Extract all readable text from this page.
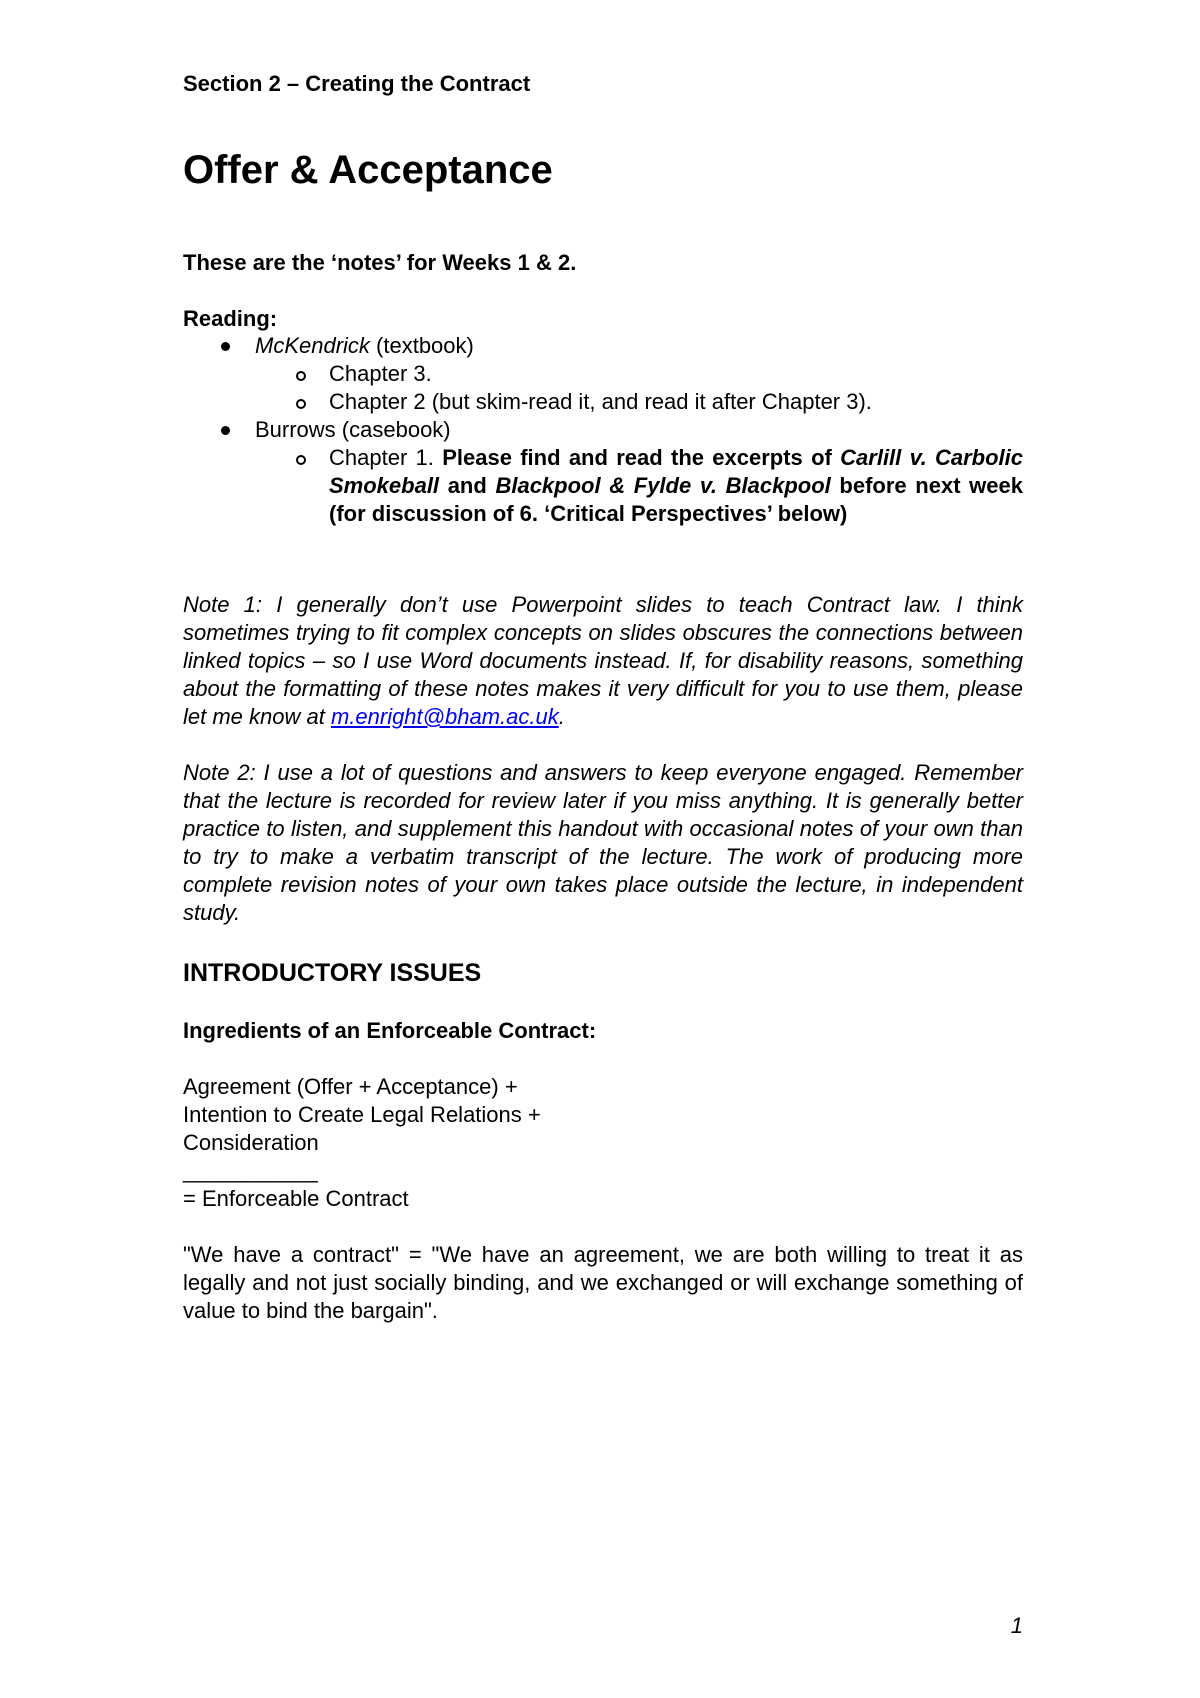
Section 2 – Creating the Contract
Offer & Acceptance
These are the ‘notes’ for Weeks 1 & 2.
Reading:
McKendrick (textbook)
Chapter 3.
Chapter 2 (but skim-read it, and read it after Chapter 3).
Burrows (casebook)
Chapter 1. Please find and read the excerpts of Carlill v. Carbolic Smokeball and Blackpool & Fylde v. Blackpool before next week (for discussion of 6. ‘Critical Perspectives’ below)
Note 1: I generally don’t use Powerpoint slides to teach Contract law. I think sometimes trying to fit complex concepts on slides obscures the connections between linked topics – so I use Word documents instead. If, for disability reasons, something about the formatting of these notes makes it very difficult for you to use them, please let me know at m.enright@bham.ac.uk.
Note 2: I use a lot of questions and answers to keep everyone engaged. Remember that the lecture is recorded for review later if you miss anything. It is generally better practice to listen, and supplement this handout with occasional notes of your own than to try to make a verbatim transcript of the lecture. The work of producing more complete revision notes of your own takes place outside the lecture, in independent study.
INTRODUCTORY ISSUES
Ingredients of an Enforceable Contract:
Agreement (Offer + Acceptance) +
Intention to Create Legal Relations +
Consideration
___________
= Enforceable Contract
"We have a contract" = "We have an agreement, we are both willing to treat it as legally and not just socially binding, and we exchanged or will exchange something of value to bind the bargain".
1
